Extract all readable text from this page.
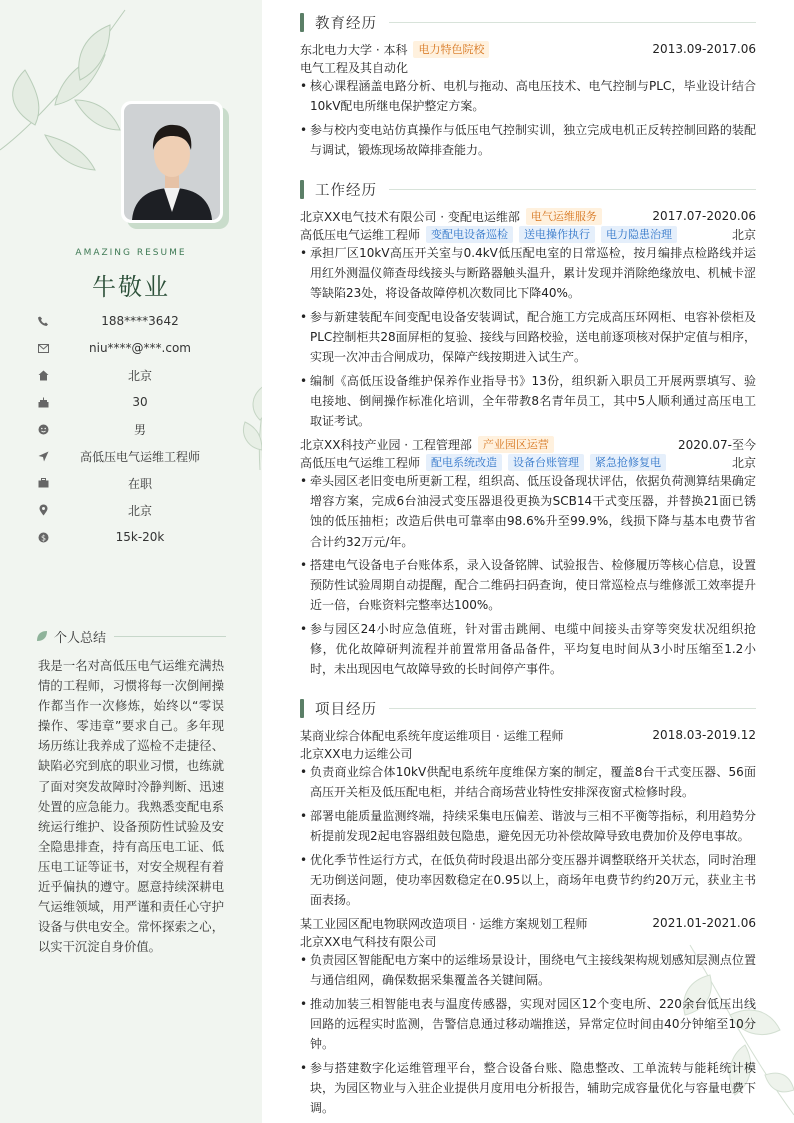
AMAZING RESUME
牛敬业
188****3642
niu****@***.com
北京
30
男
高低压电气运维工程师
在职
北京
$	15k-20k
个人总结
我是一名对高低压电气运维充满热情的工程师，习惯将每一次倒闸操作都当作一次修炼，始终以“零误操作、零违章”要求自己。多年现场历练让我养成了巡检不走捷径、缺陷必究到底的职业习惯，也练就了面对突发故障时冷静判断、迅速处置的应急能力。我熟悉变配电系统运行维护、设备预防性试验及安全隐患排查，持有高压电工证、低压电工证等证书，对安全规程有着近乎偏执的遵守。愿意持续深耕电气运维领域，用严谨和责任心守护设备与供电安全。常怀探索之心，以实干沉淀自身价值。
教育经历
东北电力大学 · 本科	电力特色院校	2013.09-2017.06
电气工程及其自动化
• 核心课程涵盖电路分析、电机与拖动、高电压技术、电气控制与PLC，毕业设计结合10kV配电所继电保护整定方案。
• 参与校内变电站仿真操作与低压电气控制实训，独立完成电机正反转控制回路的装配与调试，锻炼现场故障排查能力。
工作经历
北京XX电气技术有限公司 · 变配电运维部	电气运维服务	2017.07-2020.06
高低压电气运维工程师	变配电设备巡检	送电操作执行	电力隐患治理	北京
• 承担厂区10kV高压开关室与0.4kV低压配电室的日常巡检，按月编排点检路线并运用红外测温仪筛查母线接头与断路器触头温升，累计发现并消除绝缘放电、机械卡涩等缺陷23处，将设备故障停机次数同比下降40%。
• 参与新建装配车间变配电设备安装调试，配合施工方完成高压环网柜、电容补偿柜及PLC控制柜共28面屏柜的复验、接线与回路校验，送电前逐项核对保护定值与相序，实现一次冲击合闸成功，保障产线按期进入试生产。
• 编制《高低压设备维护保养作业指导书》13份，组织新入职员工开展两票填写、验电接地、倒闸操作标准化培训，全年带教8名青年员工，其中5人顺利通过高压电工取证考试。
北京XX科技产业园 · 工程管理部	产业园区运营	2020.07-至今
高低压电气运维工程师	配电系统改造	设备台账管理	紧急抢修复电	北京
• 牵头园区老旧变电所更新工程，组织高、低压设备现状评估，依据负荷测算结果确定增容方案，完成6台油浸式变压器退役更换为SCB14干式变压器，并替换21面已锈蚀的低压抽柜；改造后供电可靠率由98.6%升至99.9%，线损下降与基本电费节省合计约32万元/年。
• 搭建电气设备电子台账体系，录入设备铭牌、试验报告、检修履历等核心信息，设置预防性试验周期自动提醒，配合二维码扫码查询，使日常巡检点与维修派工效率提升近一倍，台账资料完整率达100%。
• 参与园区24小时应急值班，针对雷击跳闸、电缆中间接头击穿等突发状况组织抢修，优化故障研判流程并前置常用备品备件，平均复电时间从3小时压缩至1.2小时，未出现因电气故障导致的长时间停产事件。
项目经历
某商业综合体配电系统年度运维项目 · 运维工程师	2018.03-2019.12
北京XX电力运维公司
• 负责商业综合体10kV供配电系统年度维保方案的制定，覆盖8台干式变压器、56面高压开关柜及低压配电柜，并结合商场营业特性安排深夜窗式检修时段。
• 部署电能质量监测终端，持续采集电压偏差、谐波与三相不平衡等指标，利用趋势分析提前发现2起电容器组鼓包隐患，避免因无功补偿故障导致电费加价及停电事故。
• 优化季节性运行方式，在低负荷时段退出部分变压器并调整联络开关状态，同时治理无功倒送问题，使功率因数稳定在0.95以上，商场年电费节约约20万元，获业主书面表扬。
某工业园区配电物联网改造项目 · 运维方案规划工程师	2021.01-2021.06
北京XX电气科技有限公司
• 负责园区智能配电方案中的运维场景设计，围绕电气主接线架构规划感知层测点位置与通信组网，确保数据采集覆盖各关键间隔。
• 推动加装三相智能电表与温度传感器，实现对园区12个变电所、220余台低压出线回路的远程实时监测，告警信息通过移动端推送，异常定位时间由40分钟缩至10分钟。
• 参与搭建数字化运维管理平台，整合设备台账、隐患整改、工单流转与能耗统计模块，为园区物业与入驻企业提供月度用电分析报告，辅助完成容量优化与容量电费下调。
